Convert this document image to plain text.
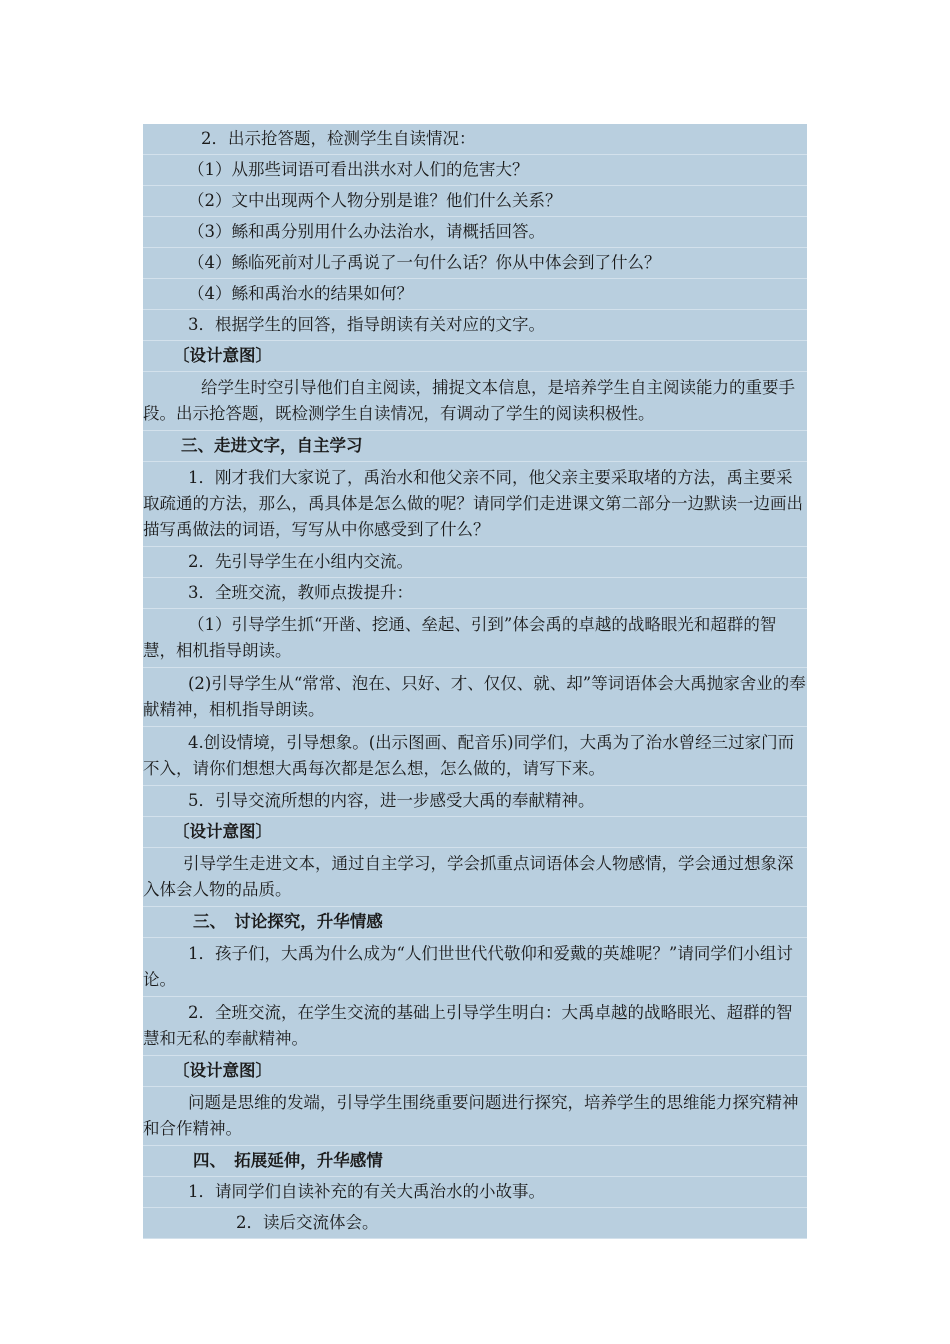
2．出示抢答题，检测学生自读情况：
（1）从那些词语可看出洪水对人们的危害大？
（2）文中出现两个人物分别是谁？他们什么关系？
（3）鲧和禹分别用什么办法治水，请概括回答。
（4）鲧临死前对儿子禹说了一句什么话？你从中体会到了什么？
（4）鲧和禹治水的结果如何？
3．根据学生的回答，指导朗读有关对应的文字。
〔设计意图〕
给学生时空引导他们自主阅读，捕捉文本信息，是培养学生自主阅读能力的重要手段。出示抢答题，既检测学生自读情况，有调动了学生的阅读积极性。
三、走进文字，自主学习
1．刚才我们大家说了，禹治水和他父亲不同，他父亲主要采取堵的方法，禹主要采取疏通的方法，那么，禹具体是怎么做的呢？请同学们走进课文第二部分一边默读一边画出描写禹做法的词语，写写从中你感受到了什么？
2．先引导学生在小组内交流。
3．全班交流，教师点拨提升：
（1）引导学生抓“开凿、挖通、垒起、引到”体会禹的卓越的战略眼光和超群的智慧，相机指导朗读。
(2)引导学生从“常常、泡在、只好、才、仅仅、就、却”等词语体会大禹抛家舍业的奉献精神，相机指导朗读。
4.创设情境，引导想象。(出示图画、配音乐)同学们，大禹为了治水曾经三过家门而不入，请你们想想大禹每次都是怎么想，怎么做的，请写下来。
5．引导交流所想的内容，进一步感受大禹的奉献精神。
〔设计意图〕
引导学生走进文本，通过自主学习，学会抓重点词语体会人物感情，学会通过想象深入体会人物的品质。
三、　讨论探究，升华情感
1．孩子们，大禹为什么成为“人们世世代代敬仰和爱戴的英雄呢？”请同学们小组讨论。
2．全班交流，在学生交流的基础上引导学生明白：大禹卓越的战略眼光、超群的智慧和无私的奉献精神。
〔设计意图〕
问题是思维的发端，引导学生围绕重要问题进行探究，培养学生的思维能力探究精神和合作精神。
四、　拓展延伸，升华感情
1．请同学们自读补充的有关大禹治水的小故事。
2．读后交流体会。
